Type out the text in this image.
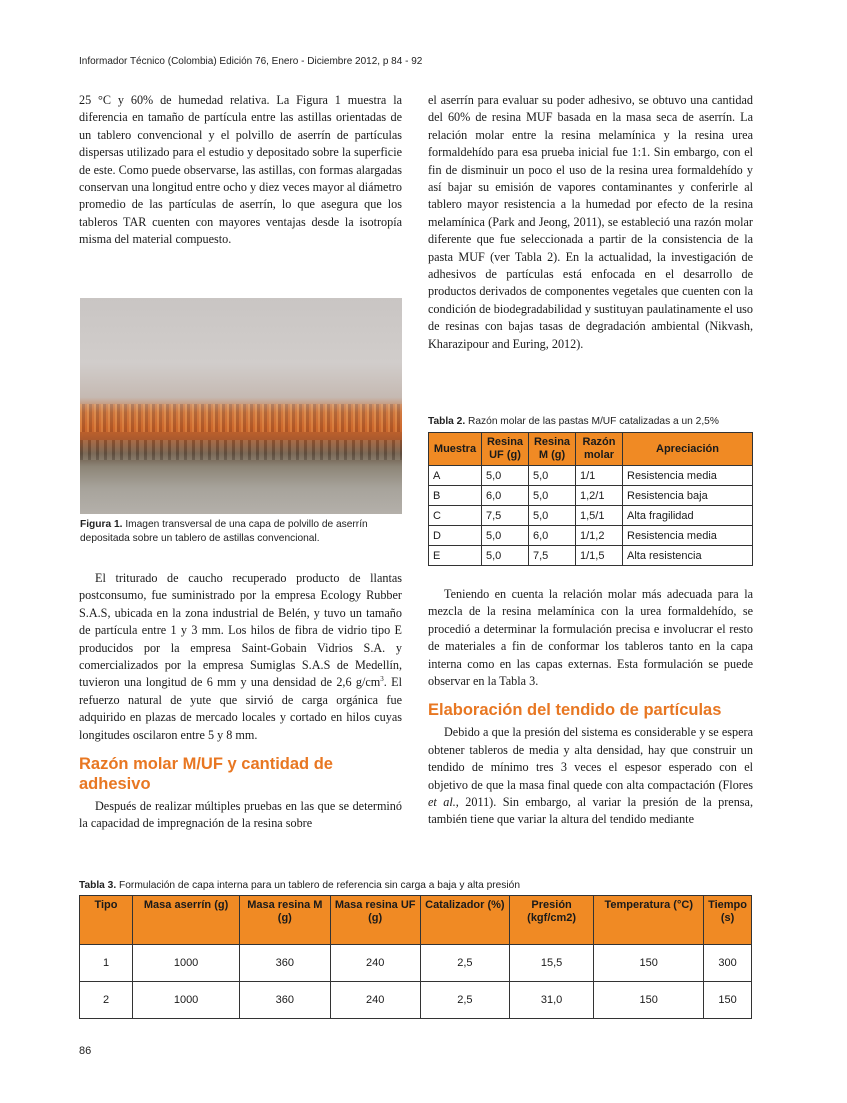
Informador Técnico (Colombia) Edición 76, Enero - Diciembre 2012, p 84 - 92

25 °C y 60% de humedad relativa. La Figura 1 muestra la diferencia en tamaño de partícula entre las astillas orientadas de un tablero convencional y el polvillo de aserrín de partículas dispersas utilizado para el estudio y depositado sobre la superficie de este. Como puede observarse, las astillas, con formas alargadas conservan una longitud entre ocho y diez veces mayor al diámetro promedio de las partículas de aserrín, lo que asegura que los tableros TAR cuenten con mayores ventajas desde la isotropía misma del material compuesto.

Figura 1. Imagen transversal de una capa de polvillo de aserrín depositada sobre un tablero de astillas convencional.

El triturado de caucho recuperado producto de llantas postconsumo, fue suministrado por la empresa Ecology Rubber S.A.S, ubicada en la zona industrial de Belén, y tuvo un tamaño de partícula entre 1 y 3 mm. Los hilos de fibra de vidrio tipo E producidos por la empresa Saint-Gobain Vidrios S.A. y comercializados por la empresa Sumiglas S.A.S de Medellín, tuvieron una longitud de 6 mm y una densidad de 2,6 $g/cm^3$. El refuerzo natural de yute que sirvió de carga orgánica fue adquirido en plazas de mercado locales y cortado en hilos cuyas longitudes oscilaron entre 5 y 8 mm.

Razón molar M/UF y cantidad de adhesivo

Después de realizar múltiples pruebas en las que se determinó la capacidad de impregnación de la resina sobre

el aserrín para evaluar su poder adhesivo, se obtuvo una cantidad del 60% de resina MUF basada en la masa seca de aserrín. La relación molar entre la resina melamínica y la resina urea formaldehído para esa prueba inicial fue 1:1. Sin embargo, con el fin de disminuir un poco el uso de la resina urea formaldehído y así bajar su emisión de vapores contaminantes y conferirle al tablero mayor resistencia a la humedad por efecto de la resina melamínica (Park and Jeong, 2011), se estableció una razón molar diferente que fue seleccionada a partir de la consistencia de la pasta MUF (ver Tabla 2). En la actualidad, la investigación de adhesivos de partículas está enfocada en el desarrollo de productos derivados de componentes vegetales que cuenten con la condición de biodegradabilidad y sustituyan paulatinamente el uso de resinas con bajas tasas de degradación ambiental (Nikvash, Kharazipour and Euring, 2012).

Tabla 2. Razón molar de las pastas M/UF catalizadas a un 2,5%
Muestra	Resina UF (g)	Resina M (g)	Razón molar	Apreciación
A	5,0	5,0	1/1	Resistencia media
B	6,0	5,0	1,2/1	Resistencia baja
C	7,5	5,0	1,5/1	Alta fragilidad
D	5,0	6,0	1/1,2	Resistencia media
E	5,0	7,5	1/1,5	Alta resistencia

Teniendo en cuenta la relación molar más adecuada para la mezcla de la resina melamínica con la urea formaldehído, se procedió a determinar la formulación precisa e involucrar el resto de materiales a fin de conformar los tableros tanto en la capa interna como en las capas externas. Esta formulación se puede observar en la Tabla 3.

Elaboración del tendido de partículas

Debido a que la presión del sistema es considerable y se espera obtener tableros de media y alta densidad, hay que construir un tendido de mínimo tres 3 veces el espesor esperado con el objetivo de que la masa final quede con alta compactación (Flores et al., 2011). Sin embargo, al variar la presión de la prensa, también tiene que variar la altura del tendido mediante

Tabla 3. Formulación de capa interna para un tablero de referencia sin carga a baja y alta presión
Tipo	Masa aserrín (g)	Masa resina M (g)	Masa resina UF (g)	Catalizador (%)	Presión (kgf/cm2)	Temperatura (°C)	Tiempo (s)
1	1000	360	240	2,5	15,5	150	300
2	1000	360	240	2,5	31,0	150	150
86
